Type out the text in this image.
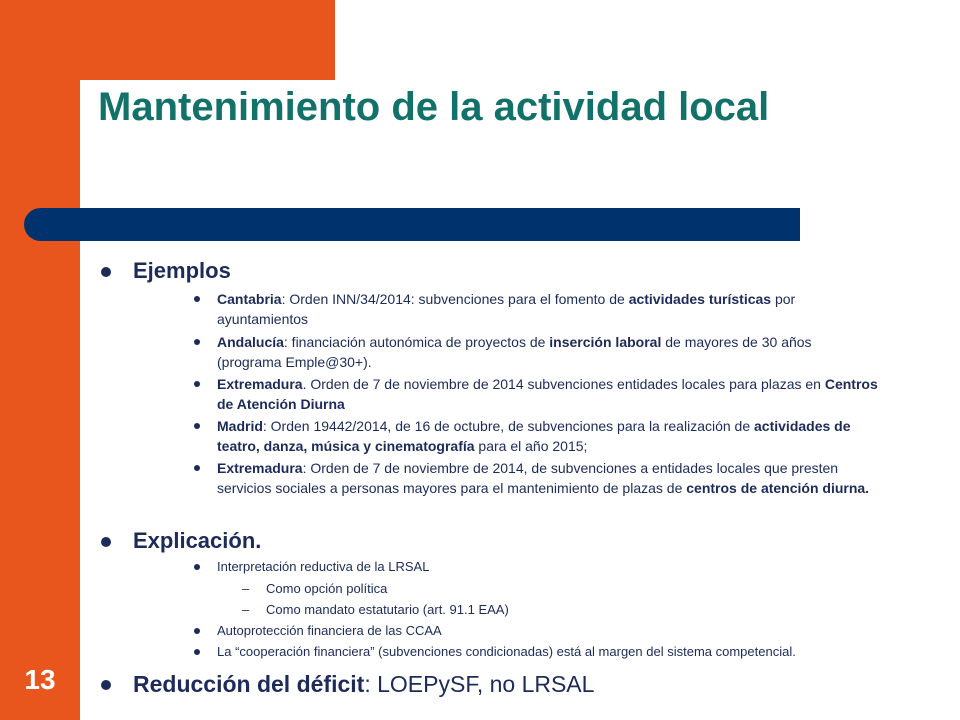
Mantenimiento de la actividad local
Ejemplos
Cantabria: Orden INN/34/2014: subvenciones para el fomento de actividades turísticas por ayuntamientos
Andalucía: financiación autonómica de proyectos de inserción laboral de mayores de 30 años (programa Emple@30+).
Extremadura. Orden de 7 de noviembre de 2014 subvenciones entidades locales para plazas en Centros de Atención Diurna
Madrid: Orden 19442/2014, de 16 de octubre, de subvenciones para la realización de actividades de teatro, danza, música y cinematografía para el año 2015;
Extremadura: Orden de 7 de noviembre de 2014, de subvenciones a entidades locales que presten servicios sociales a personas mayores para el mantenimiento de plazas de centros de atención diurna.
Explicación.
Interpretación reductiva de la LRSAL
– Como opción política
– Como mandato estatutario (art. 91.1 EAA)
Autoprotección financiera de las CCAA
La “cooperación financiera” (subvenciones condicionadas) está al margen del sistema competencial.
Reducción del déficit: LOEPySF, no LRSAL
13
